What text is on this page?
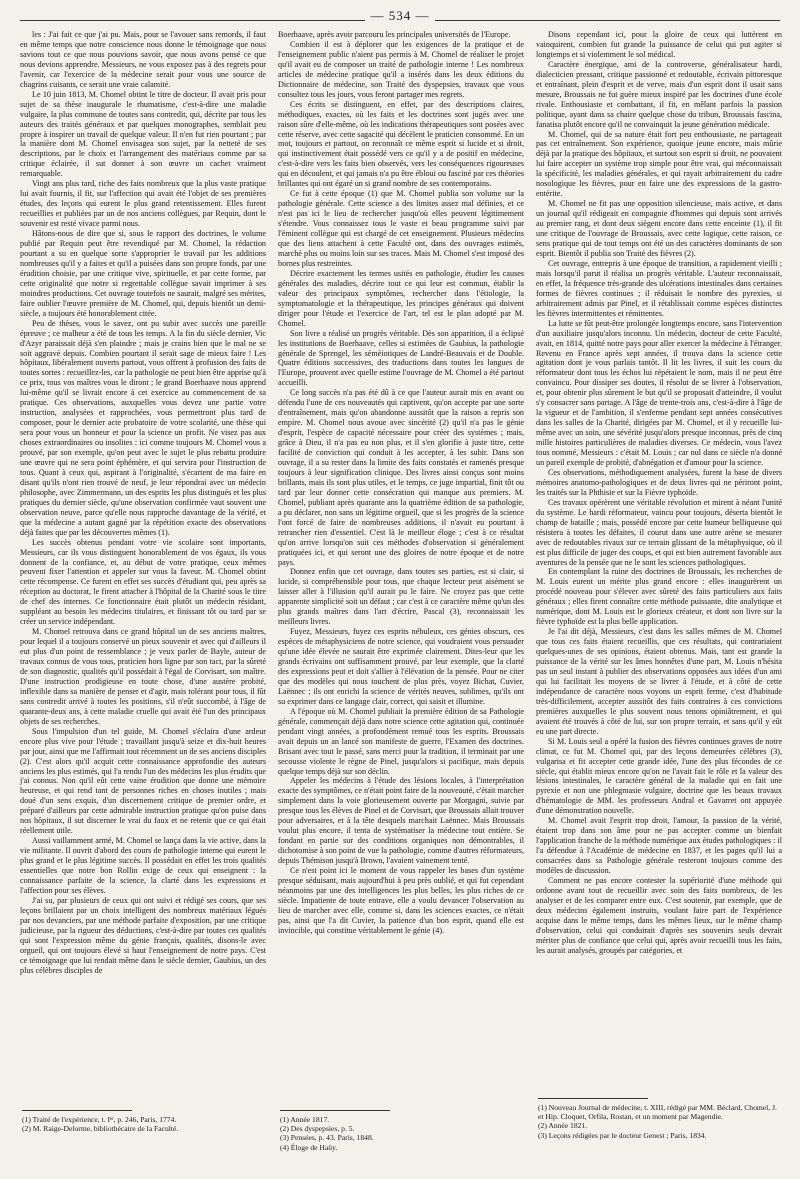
— 534 —

les : J'ai fait ce que j'ai pu. Mais, pour se l'avouer sans remords, il faut en même temps que notre conscience nous donne le témoignage que nous savions tout ce que nous pouvions savoir, que nous avons pensé ce que nous devions apprendre. Messieurs, ne vous exposez pas à des regrets pour l'avenir, car l'exercice de la médecine serait pour vous une source de chagrins cuisants, ce serait une vraie calamité.

Le 10 juin 1813, M. Chomel obtint le titre de docteur. Il avait pris pour sujet de sa thèse inaugurale le rhumatisme, c'est-à-dire une maladie vulgaire, la plus commune de toutes sans contredit, qui, décrite par tous les auteurs des traités généraux et par quelques monographes, semblait peu propre à inspirer un travail de quelque valeur. Il n'en fut rien pourtant ; par la manière dont M. Chomel envisagea son sujet, par la netteté de ses descriptions, par le choix et l'arrangement des matériaux comme par sa critique éclairée, il sut donner à son œuvre un cachet vraiment remarquable.

Vingt ans plus tard, riche des faits nombreux que la plus vaste pratique lui avait fournis, il fit, sur l'affection qui avait été l'objet de ses premières études, des leçons qui eurent le plus grand retentissement. Elles furent recueillies et publiées par un de nos anciens collègues, par Requin, dont le souvenir est resté vivace parmi nous.

Hâtons-nous de dire que si, sous le rapport des doctrines, le volume publié par Requin peut être revendiqué par M. Chomel, la rédaction pourtant a su en quelque sorte s'approprier le travail par les additions nombreuses qu'il y a faites et qu'il a puisées dans son propre fonds, par une érudition choisie, par une critique vive, spirituelle, et par cette forme, par cette originalité que notre si regrettable collègue savait imprimer à ses moindres productions. Cet ouvrage toutefois ne saurait, malgré ses mérites, faire oublier l'œuvre première de M. Chomel, qui, depuis bientôt un demi-siècle, a toujours été honorablement citée.

Peu de thèses, vous le savez, ont pu subir avec succès une pareille épreuve ; ce malheur a été de tous les temps. A la fin du siècle dernier, Vic d'Azyr paraissait déjà s'en plaindre ; mais je crains bien que le mal ne se soit aggravé depuis. Combien pourtant il serait sage de mieux faire ! Les hôpitaux, libéralement ouverts partout, vous offrent à profusion des faits de toutes sortes : recueillez-les, car la pathologie ne peut bien être apprise qu'à ce prix, tous vos maîtres vous le diront ; le grand Boerhaave nous apprend lui-même qu'il se livrait encore à cet exercice au commencement de sa pratique. Ces observations, auxquelles vous devez une partie votre instruction, analysées et rapprochées, vous permettront plus tard de composer, pour le dernier acte probatoire de votre scolarité, une thèse qui sera pour vous un honneur et pour la science un profit. Ne visez pas aux choses extraordinaires ou insolites : ici comme toujours M. Chomel vous a prouvé, par son exemple, qu'on peut avec le sujet le plus rebattu produire une œuvre qui ne sera point éphémère, et qui servira pour l'instruction de tous. Quant à ceux qui, aspirant à l'originalité, s'écartent de ma faire en disant qu'ils n'ont rien trouvé de neuf, je leur répondrai avec un médecin philosophe, avec Zimmermann, un des esprits les plus distingués et les plus pratiques du dernier siècle, qu'une observation confirmée vaut souvent une observation neuve, parce qu'elle nous rapproche davantage de la vérité, et que la médecine a autant gagné par la répétition exacte des observations déjà faites que par les découvertes mêmes (1).

Les succès obtenus pendant votre vie scolaire sont importants, Messieurs, car ils vous distinguent honorablement de vos égaux, ils vous donnent de la confiance, et, au début de votre pratique, ceux mêmes peuvent fixer l'attention et appeler sur vous la faveur. M. Chomel obtint cette récompense. Ce furent en effet ses succès d'étudiant qui, peu après sa réception au doctorat, le firent attacher à l'hôpital de la Charité sous le titre de chef des internes. Ce fonctionnaire était plutôt un médecin résidant, suppléant au besoin les médecins titulaires, et finissant tôt ou tard par se créer un service indépendant.

M. Chomel retrouva dans ce grand hôpital un de ses anciens maîtres, pour lequel il a toujours conservé un pieux souvenir et avec qui d'ailleurs il eut plus d'un point de ressemblance ; je veux parler de Bayle, auteur de travaux connus de vous tous, praticien hors ligne par son tact, par la sûreté de son diagnostic, qualités qu'il possédait à l'égal de Corvisart, son maître. D'une instruction prodigieuse en toute chose, d'une austère probité, inflexible dans sa manière de penser et d'agir, mais tolérant pour tous, il fût sans contredit arrivé à toutes les positions, s'il n'eût succombé, à l'âge de quarante-deux ans, à cette maladie cruelle qui avait été l'un des principaux objets de ses recherches.

Sous l'impulsion d'un tel guide, M. Chomel s'éclaira d'une ardeur encore plus vive pour l'étude ; travaillant jusqu'à seize et dix-huit heures par jour, ainsi que me l'affirmait tout récemment un de ses anciens disciples (2). C'est alors qu'il acquit cette connaissance approfondie des auteurs anciens les plus estimés, qui l'a rendu l'un des médecins les plus érudits que j'ai connus. Non qu'il eût cette vaine érudition que donne une mémoire heureuse, et qui rend tant de personnes riches en choses inutiles ; mais doué d'un sens exquis, d'un discernement critique de premier ordre, et préparé d'ailleurs par cette admirable instruction pratique qu'on puise dans nos hôpitaux, il sut discerner le vrai du faux et ne retenir que ce qui était réellement utile.

Aussi vaillamment armé, M. Chomel se lança dans la vie active, dans la vie militante. Il ouvrit d'abord des cours de pathologie interne qui eurent le plus grand et le plus légitime succès. Il possédait en effet les trois qualités essentielles que notre bon Rollin exige de ceux qui enseignent : la connaissance parfaite de la science, la clarté dans les expressions et l'affection pour ses élèves.

J'ai su, par plusieurs de ceux qui ont suivi et rédigé ses cours, que ses leçons brillaient par un choix intelligent des nombreux matériaux légués par nos devanciers, par une méthode parfaite d'exposition, par une critique judicieuse, par la rigueur des déductions, c'est-à-dire par toutes ces qualités qui sont l'expression même du génie français, qualités, disons-le avec orgueil, qui ont toujours élevé si haut l'enseignement de notre pays. C'est ce témoignage que lui rendait même dans le siècle dernier, Gaubius, un des plus célèbres disciples de

Boerhaave, après avoir parcouru les principales universités de l'Europe.

Combien il est à déplorer que les exigences de la pratique et de l'enseignement public n'aient pas permis à M. Chomel de réaliser le projet qu'il avait eu de composer un traité de pathologie interne ! Les nombreux articles de médecine pratique qu'il a insérés dans les deux éditions du Dictionnaire de médecine, son Traité des dyspepsies, travaux que vous consultez tous les jours, vous feront partager mes regrets.

Ces écrits se distinguent, en effet, par des descriptions claires, méthodiques, exactes, où les faits et les doctrines sont jugés avec une raison sûre d'elle-même, où les indications thérapeutiques sont posées avec cette réserve, avec cette sagacité qui décèlent le praticien consommé. En un mot, toujours et partout, on reconnaît ce même esprit si lucide et si droit, qui instinctivement était possédé vers ce qu'il y a de positif en médecine, c'est-à-dire vers les faits bien observés, vers les conséquences rigoureuses qui en découlent, et qui jamais n'a pu être ébloui ou fasciné par ces théories brillantes qui ont égaré un si grand nombre de ses contemporains.

Ce fut à cette époque (1) que M. Chomel publia son volume sur la pathologie générale. Cette science a des limites assez mal définies, et ce n'est pas ici le lieu de rechercher jusqu'où elles peuvent légitimement s'étendre. Vous connaissez tous le vaste et beau programme suivi par l'éminent collègue qui est chargé de cet enseignement. Plusieurs médecins que des liens attachent à cette Faculté ont, dans des ouvrages estimés, marché plus ou moins loin sur ses traces. Mais M. Chomel s'est imposé des bornes plus restreintes.

Décrire exactement les termes usités en pathologie, étudier les causes générales des maladies, décrire tout ce qui leur est commun, établir la valeur des principaux symptômes, rechercher dans l'étiologie, la symptomatologie et la thérapeutique, les principes généraux qui doivent diriger pour l'étude et l'exercice de l'art, tel est le plan adopté par M. Chomel.

Son livre a réalisé un progrès véritable. Dès son apparition, il a éclipsé les institutions de Boerhaave, celles si estimées de Gaubius, la pathologie générale de Sprengel, les séméiotiques de Landré-Beauvais et de Double. Quatre éditions successives, des traductions dans toutes les langues de l'Europe, prouvent avec quelle estime l'ouvrage de M. Chomel a été partout accueilli.

Ce long succès n'a pas été dû à ce que l'auteur aurait mis en avant ou défendu l'une de ces nouveautés qui captivent, qu'on accepte par une sorte d'entraînement, mais qu'on abandonne aussitôt que la raison a repris son empire. M. Chomel nous avoue avec sincérité (2) qu'il n'a pas le génie d'esprit, l'espèce de capacité nécessaire pour créer des systèmes ; mais, grâce à Dieu, il n'a pas eu non plus, et il s'en glorifie à juste titre, cette facilité de conviction qui conduit à les accepter, à les subir. Dans son ouvrage, il a su rester dans la limite des faits constatés et ramenés presque toujours à leur signification clinique. Des livres ainsi conçus sont moins brillants, mais ils sont plus utiles, et le temps, ce juge impartial, finit tôt ou tard par leur donner cette consécration qui manque aux premiers. M. Chomel, publiant après quarante ans la quatrième édition de sa pathologie, a pu déclarer, non sans un légitime orgueil, que si les progrès de la science l'ont forcé de faire de nombreuses additions, il n'avait eu pourtant à retrancher rien d'essentiel. C'est là le meilleur éloge ; c'est à ce résultat qu'on arrive lorsqu'on suit ces méthodes d'observation si généralement pratiquées ici, et qui seront une des gloires de notre époque et de notre pays.

Donnez enfin que cet ouvrage, dans toutes ses parties, est si clair, si lucide, si compréhensible pour tous, que chaque lecteur peut aisément se laisser aller à l'illusion qu'il aurait pu le faire. Ne croyez pas que cette apparente simplicité soit un défaut ; car c'est à ce caractère même qu'un des plus grands maîtres dans l'art d'écrire, Pascal (3), reconnaissait les meilleurs livres.

Fuyez, Messieurs, fuyez ces esprits nébuleux, ces génies obscurs, ces espèces de métaphysiciens de notre science, qui voudraient vous persuader qu'une idée élevée ne saurait être exprimée clairement. Dites-leur que les grands écrivains ont suffisamment prouvé, par leur exemple, que la clarté des expressions peut et doit s'allier à l'élévation de la pensée. Pour ne citer que des modèles qui nous touchent de plus près, voyez Bichat, Cuvier, Laënnec ; ils ont enrichi la science de vérités neuves, sublimes, qu'ils ont su exprimer dans ce langage clair, correct, qui saisit et illumine.

A l'époque où M. Chomel publiait la première édition de sa Pathologie générale, commençait déjà dans notre science cette agitation qui, continuée pendant vingt années, a profondément remué tous les esprits. Broussais avait depuis un an lancé son manifeste de guerre, l'Examen des doctrines. Brisant avec tout le passé, sans merci pour la tradition, il terminait par une secousse violente le règne de Pinel, jusqu'alors si pacifique, mais depuis quelque temps déjà sur son déclin.

Appeler les médecins à l'étude des lésions locales, à l'interprétation exacte des symptômes, ce n'était point faire de la nouveauté, c'était marcher simplement dans la voie glorieusement ouverte par Morgagni, suivie par presque tous les élèves de Pinel et de Corvisart, que Broussais allait trouver pour adversaires, et à la tête desquels marchait Laënnec. Mais Broussais voulut plus encore, il tenta de systématiser la médecine tout entière. Se fondant en partie sur des conditions organiques non démontrables, il dichotomise à son point de vue la pathologie, comme d'autres réformateurs, depuis Thémison jusqu'à Brown, l'avaient vainement tenté.

Ce n'est point ici le moment de vous rappeler les bases d'un système presque séduisant, mais aujourd'hui à peu près oublié, et qui fut cependant néanmoins par une des intelligences les plus belles, les plus riches de ce siècle. Impatiente de toute entrave, elle a voulu devancer l'observation au lieu de marcher avec elle, comme si, dans les sciences exactes, ce n'était pas, ainsi que l'a dit Cuvier, la patience d'un bon esprit, quand elle est invincible, qui constitue véritablement le génie (4).

Disons cependant ici, pour la gloire de ceux qui luttèrent en vainquirent, combien fut grande la puissance de celui qui put agiter si longtemps et si violemment le sol médical.

Caractère énergique, ami de la controverse, généralisateur hardi, dialecticien pressant, critique passionné et redoutable, écrivain pittoresque et entraînant, plein d'esprit et de verve, mais d'un esprit dont il usait sans mesure, Broussais ne fut guère mieux inspiré par les doctrines d'une école rivale. Enthousiaste et combattant, il fit, en mêlant parfois la passion politique, ayant dans sa chaire quelque chose du tribun, Broussais fascina, fanatisa plutôt encore qu'il ne convainquit la jeune génération médicale.

M. Chomel, qui de sa nature était fort peu enthousiaste, ne partageait pas cet entraînement. Son expérience, quoique jeune encore, mais mûrie déjà par la pratique des hôpitaux, et surtout son esprit si droit, ne pouvaient lui faire accepter un système trop simple pour être vrai, qui méconnaissait la spécificité, les maladies générales, et qui rayait arbitrairement du cadre nosologique les fièvres, pour en faire une des expressions de la gastro-entérite.

M. Chomel ne fit pas une opposition silencieuse, mais active, et dans un journal qu'il rédigeait en compagnie d'hommes qui depuis sont arrivés au premier rang, et dont deux siègent encore dans cette enceinte (1), il fit une critique de l'ouvrage de Broussais, avec cette logique, cette raison, ce sens pratique qui de tout temps ont été un des caractères dominants de son esprit. Bientôt il publia son Traité des fièvres (2).

Cet ouvrage, entrepris à une époque de transition, a rapidement vieilli ; mais lorsqu'il parut il réalisa un progrès véritable. L'auteur reconnaissait, en effet, la fréquence très-grande des ulcérations intestinales dans certaines formes de fièvres continues ; il réduisait le nombre des pyrexies, si arbitrairement admis par Pinel, et il rétablissait comme espèces distinctes les fièvres intermittentes et rémittentes.

La lutte se fût peut-être prolongée longtemps encore, sans l'intervention d'un auxiliaire jusqu'alors inconnu. Un médecin, docteur de cette Faculté, avait, en 1814, quitté notre pays pour aller exercer la médecine à l'étranger. Revenu en France après sept années, il trouva dans la science cette agitation dont je vous parlais tantôt. Il lit les livres, il suit les cours du réformateur dont tous les échos lui répétaient le nom, mais il ne peut être convaincu. Pour dissiper ses doutes, il résolut de se livrer à l'observation, et, pour obtenir plus sûrement le but qu'il se proposait d'atteindre, il voulut s'y consacrer sans partage. A l'âge de trente-trois ans, c'est-à-dire à l'âge de la vigueur et de l'ambition, il s'enferme pendant sept années consécutives dans les salles de la Charité, dirigées par M. Chomel, et il y recueille lui-même avec un soin, une sévérité jusqu'alors presque inconnus, près de cinq mille histoires particulières de maladies diverses. Ce médecin, vous l'avez tous nommé, Messieurs : c'était M. Louis ; car nul dans ce siècle n'a donné un pareil exemple de probité, d'abnégation et d'amour pour la science.

Ces observations, méthodiquement analysées, furent la base de divers mémoires anatomo-pathologiques et de deux livres qui ne périront point, les traités sur la Phthisie et sur la Fièvre typhoïde.

Ces travaux opérèrent une véritable révolution et mirent à néant l'unité du système. Le hardi réformateur, vaincu pour toujours, déserta bientôt le champ de bataille ; mais, possédé encore par cette humeur belliqueuse qui résistera à toutes les défaites, il courut dans une autre arène se mesurer avec de redoutables rivaux sur ce terrain glissant de la métaphysique, où il est plus difficile de juger des coups, et qui est bien autrement favorable aux aventures de la pensée que ne le sont les sciences pathologiques.

En contemplant la ruine des doctrines de Broussais, les recherches de M. Louis eurent un mérite plus grand encore : elles inaugurèrent un procédé nouveau pour s'élever avec sûreté des faits particuliers aux faits généraux ; elles firent connaître cette méthode puissante, dite analytique et numérique, dont M. Louis est le glorieux créateur, et dont son livre sur la fièvre typhoïde est la plus belle application.

Je l'ai dit déjà, Messieurs, c'est dans les salles mêmes de M. Chomel que tous ces faits étaient recueillis, que ces résultats, qui contrariaient quelques-unes de ses opinions, étaient obtenus. Mais, tant est grande la puissance de la vérité sur les âmes honnêtes d'une part, M. Louis n'hésita pas un seul instant à publier des observations opposées aux idées d'un ami qui lui facilitait les moyens de se livrer à l'étude, et à côté de cette indépendance de caractère nous voyons un esprit ferme, c'est d'habitude très-difficilement, accepter aussitôt des faits contraires à ces convictions premières auxquelles le plus souvent nous tenons opiniâtrement, et qui avaient été trouvés à côté de lui, sur son propre terrain, et sans qu'il y eût eu une part directe.

Si M. Louis seul a opéré la fusion des fièvres continues graves de notre climat, ce fut M. Chomel qui, par des leçons demeurées célèbres (3), vulgarisa et fit accepter cette grande idée, l'une des plus fécondes de ce siècle, qui établit mieux encore qu'on ne l'avait fait le rôle et la valeur des lésions intestinales, le caractère général de la maladie qui en fait une pyrexie et non une phlegmasie vulgaire, doctrine que les beaux travaux d'hématologie de MM. les professeurs Andral et Gavarret ont appuyée d'une démonstration nouvelle.

M. Chomel avait l'esprit trop droit, l'amour, la passion de la vérité, étaient trop dans son âme pour ne pas accepter comme un bienfait l'application franche de la méthode numérique aux études pathologiques : il l'a défendue à l'Académie de médecine en 1837, et les pages qu'il lui a consacrées dans sa Pathologie générale resteront toujours comme des modèles de discussion.

Comment ne pas encore contester la supériorité d'une méthode qui ordonne avant tout de recueillir avec soin des faits nombreux, de les analyser et de les comparer entre eux. C'est soutenir, par exemple, que de deux médecins également instruits, voulant faire part de l'expérience acquise dans le même temps, dans les mêmes lieux, sur le même champ d'observation, celui qui conduirait d'après ses souvenirs seuls devrait mériter plus de confiance que celui qui, après avoir recueilli tous les faits, les aurait analysés, groupés par catégories, et

(1) Traité de l'expérience, t. Iᵉʳ, p. 246, Paris, 1774.
(2) M. Raige-Delorme, bibliothécaire de la Faculté.
(1) Année 1817.
(2) Des dyspepsies, p. 5.
(3) Pensées, p. 43. Paris, 1848.
(4) Éloge de Haüy.
(1) Nouveau Journal de médecine, t. XIII, rédigé par MM. Béclard, Chomel, J. et Hip. Cloquet, Orfila, Rostan, et un moment par Magendie.
(2) Année 1821.
(3) Leçons rédigées par le docteur Genest ; Paris, 1834.
